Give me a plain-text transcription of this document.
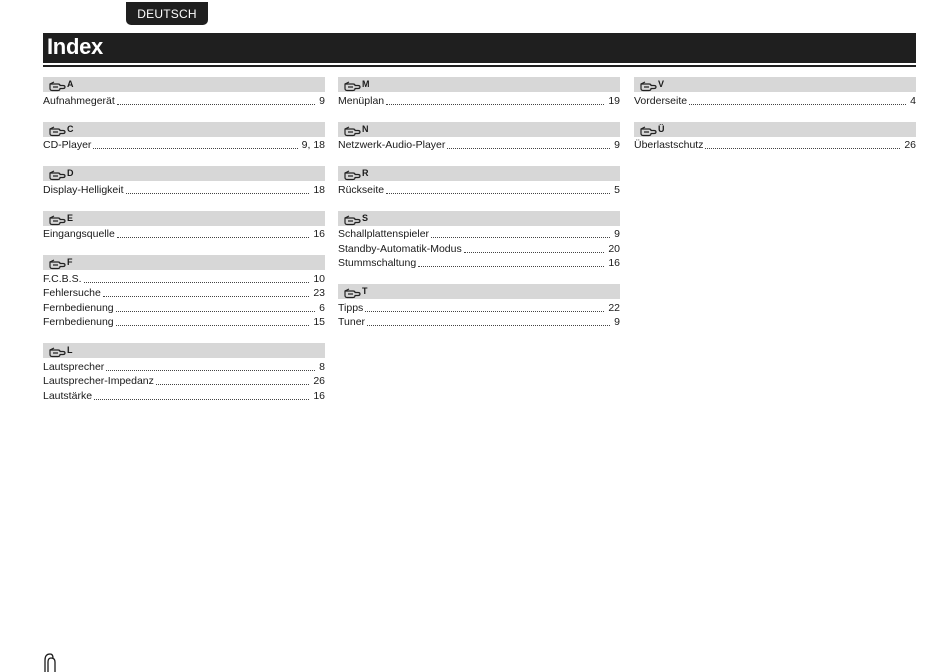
DEUTSCH
Index
A
Aufnahmegerät	9
C
CD-Player	9, 18
D
Display-Helligkeit	18
E
Eingangsquelle	16
F
F.C.B.S.	10
Fehlersuche	23
Fernbedienung	6
Fernbedienung	15
L
Lautsprecher	8
Lautsprecher-Impedanz	26
Lautstärke	16
M
Menüplan	19
N
Netzwerk-Audio-Player	9
R
Rückseite	5
S
Schallplattenspieler	9
Standby-Automatik-Modus	20
Stummschaltung	16
T
Tipps	22
Tuner	9
V
Vorderseite	4
Ü
Überlastschutz	26
